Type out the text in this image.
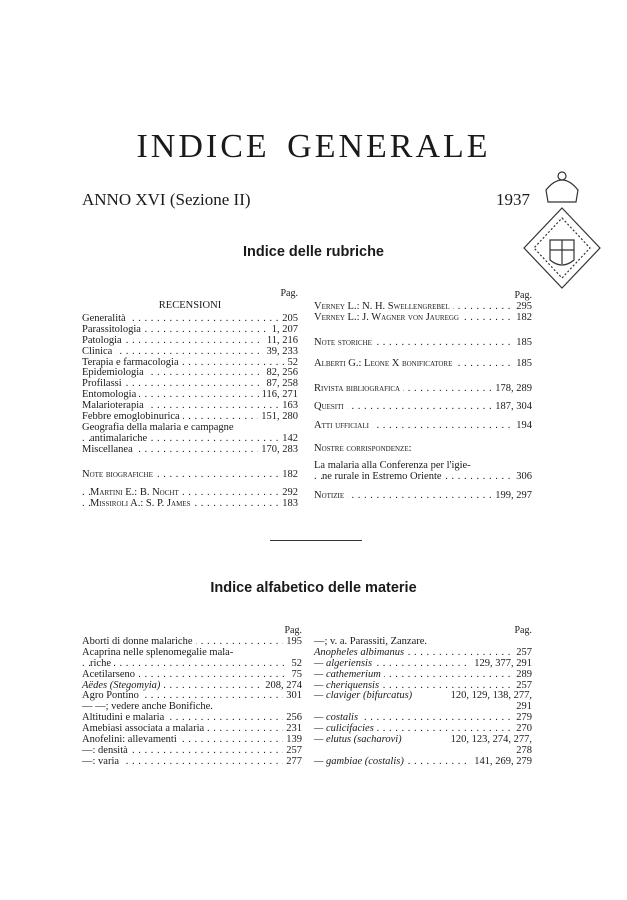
INDICE GENERALE
ANNO XVI (Sezione II)	1937
Indice delle rubriche
Pag.
RECENSIONI
. . . Generalità	205
. . . Parassitologia	1, 207
. . . Patologia	11, 216
. . . Clinica	39, 233
. . . Terapia e farmacologia	52
. . . Epidemiologia	82, 256
. . . Profilassi	87, 258
. . . Entomologia	116, 271
. . . Malarioterapia	163
. . . Febbre emoglobinurica	151, 280
Geografia della malaria e campagne
. . . antimalariche	142
. . . Miscellanea	170, 283
. . . Note biografiche	182
. . . Martini E.: B. Nocht	292
. . . Missiroli A.: S. P. James	183
Pag.
. . . Verney L.: N. H. Swellengrebel	295
. . . Verney L.: J. Wagner von Jauregg	182
. . . Note storiche	185
. . . Alberti G.: Leone X bonificatore	185
. . . Rivista bibliografica	178, 289
. . . Quesiti	187, 304
. . . Atti ufficiali	194
Nostre corrispondenze:
La malaria alla Conferenza per l'igie-
. . . ne rurale in Estremo Oriente	306
. . . Notizie	199, 297
Indice alfabetico delle materie
Pag.
. . . Aborti di donne malariche	195
Acaprina nelle splenomegalie mala-
. . . riche	52
. . . Acetilarseno	75
. . . Aëdes (Stegomyia)	208, 274
. . . Agro Pontino	301
— —; vedere anche Bonifiche.
. . . Altitudini e malaria	256
. . . Amebiasi associata a malaria	231
. . . Anofelini: allevamenti	139
. . . —: densità	257
. . . —: varia	277
Pag.
—; v. a. Parassiti, Zanzare.
. . . Anopheles albimanus	257
. . . — algeriensis	129, 377, 291
. . . — cathemerium	289
. . . — cheriquensis	257
— claviger (bifurcatus)	120, 129, 138, 277,
291
. . . — costalis	279
. . . — culicifacies	270
— elutus (sacharovi)	120, 123, 274, 277,
278
. . . — gambiae (costalis)	141, 269, 279
